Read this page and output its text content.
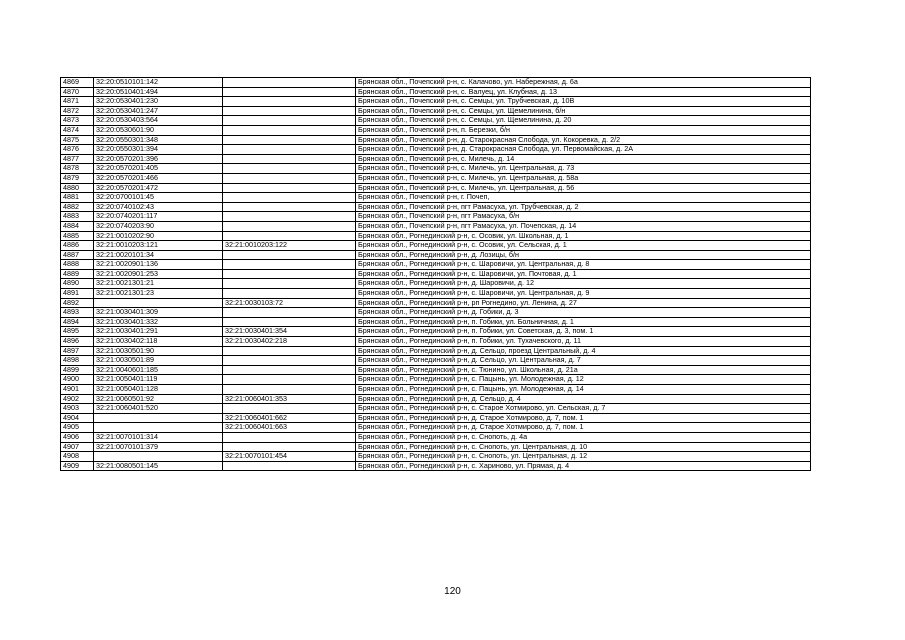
4869	32:20:0510101:142		Брянская обл., Почепский р-н, с. Калачово, ул. Набережная, д. 6а
4870	32:20:0510401:494		Брянская обл., Почепский р-н, с. Валуец, ул. Клубная, д. 13
4871	32:20:0530401:230		Брянская обл., Почепский р-н, с. Семцы, ул. Трубчевская, д. 10В
4872	32:20:0530401:247		Брянская обл., Почепский р-н, с. Семцы, ул. Щемелинина, б/н
4873	32:20:0530403:564		Брянская обл., Почепский р-н, с. Семцы, ул. Щемелинина, д. 20
4874	32:20:0530601:90		Брянская обл., Почепский р-н, п. Березки, б/н
4875	32:20:0550301:348		Брянская обл., Почепский р-н, д. Старокрасная Слобода, ул. Кокоревка, д. 2/2
4876	32:20:0550301:394		Брянская обл., Почепский р-н, д. Старокрасная Слобода, ул. Первомайская, д. 2А
4877	32:20:0570201:396		Брянская обл., Почепский р-н, с. Милечь, д. 14
4878	32:20:0570201:405		Брянская обл., Почепский р-н, с. Милечь, ул. Центральная, д. 73
4879	32:20:0570201:466		Брянская обл., Почепский р-н, с. Милечь, ул. Центральная, д. 58а
4880	32:20:0570201:472		Брянская обл., Почепский р-н, с. Милечь, ул. Центральная, д. 56
4881	32:20:0700101:45		Брянская обл., Почепский р-н, г. Почеп,
4882	32:20:0740102:43		Брянская обл., Почепский р-н, пгт Рамасуха, ул. Трубчевская, д. 2
4883	32:20:0740201:117		Брянская обл., Почепский р-н, пгт Рамасуха, б/н
4884	32:20:0740203:90		Брянская обл., Почепский р-н, пгт Рамасуха, ул. Почепская, д. 14
4885	32:21:0010202:90		Брянская обл., Рогнединский р-н, с. Осовик, ул. Школьная, д. 1
4886	32:21:0010203:121	32:21:0010203:122	Брянская обл., Рогнединский р-н, с. Осовик, ул. Сельская, д. 1
4887	32:21:0020101:34		Брянская обл., Рогнединский р-н, д. Лозицы, б/н
4888	32:21:0020901:136		Брянская обл., Рогнединский р-н, с. Шаровичи, ул. Центральная, д. 8
4889	32:21:0020901:253		Брянская обл., Рогнединский р-н, с. Шаровичи, ул. Почтовая, д. 1
4890	32:21:0021301:21		Брянская обл., Рогнединский р-н, д. Шаровичи, д. 12
4891	32:21:0021301:23		Брянская обл., Рогнединский р-н, с. Шаровичи, ул. Центральная, д. 9
4892		32:21:0030103:72	Брянская обл., Рогнединский р-н, рп Рогнедино, ул. Ленина, д. 27
4893	32:21:0030401:309		Брянская обл., Рогнединский р-н, д. Гобики, д. 3
4894	32:21:0030401:332		Брянская обл., Рогнединский р-н, п. Гобики, ул. Больничная, д. 1
4895	32:21:0030401:291	32:21:0030401:354	Брянская обл., Рогнединский р-н, п. Гобики, ул. Советская, д. 3, пом. 1
4896	32:21:0030402:118	32:21:0030402:218	Брянская обл., Рогнединский р-н, п. Гобики, ул. Тухачевского, д. 11
4897	32:21:0030501:90		Брянская обл., Рогнединский р-н, д. Сельцо, проезд Центральный, д. 4
4898	32:21:0030501:89		Брянская обл., Рогнединский р-н, д. Сельцо, ул. Центральная, д. 7
4899	32:21:0040601:185		Брянская обл., Рогнединский р-н, с. Тюнино, ул. Школьная, д. 21а
4900	32:21:0050401:119		Брянская обл., Рогнединский р-н, с. Пацынь, ул. Молодежная, д. 12
4901	32:21:0050401:128		Брянская обл., Рогнединский р-н, с. Пацынь, ул. Молодежная, д. 14
4902	32:21:0060501:92	32:21:0060401:353	Брянская обл., Рогнединский р-н, д. Сельцо, д. 4
4903	32:21:0060401:520		Брянская обл., Рогнединский р-н, с. Старое Хотмирово, ул. Сельская, д. 7
4904		32:21:0060401:662	Брянская обл., Рогнединский р-н, д. Старое Хотмирово, д. 7, пом. 1
4905		32:21:0060401:663	Брянская обл., Рогнединский р-н, д. Старое Хотмирово, д. 7, пом. 1
4906	32:21:0070101:314		Брянская обл., Рогнединский р-н, с. Снопоть, д. 4а
4907	32:21:0070101:379		Брянская обл., Рогнединский р-н, с. Снопоть, ул. Центральная, д. 10
4908		32:21:0070101:454	Брянская обл., Рогнединский р-н, с. Снопоть, ул. Центральная, д. 12
4909	32:21:0080501:145		Брянская обл., Рогнединский р-н, с. Хариново, ул. Прямая, д. 4
120
